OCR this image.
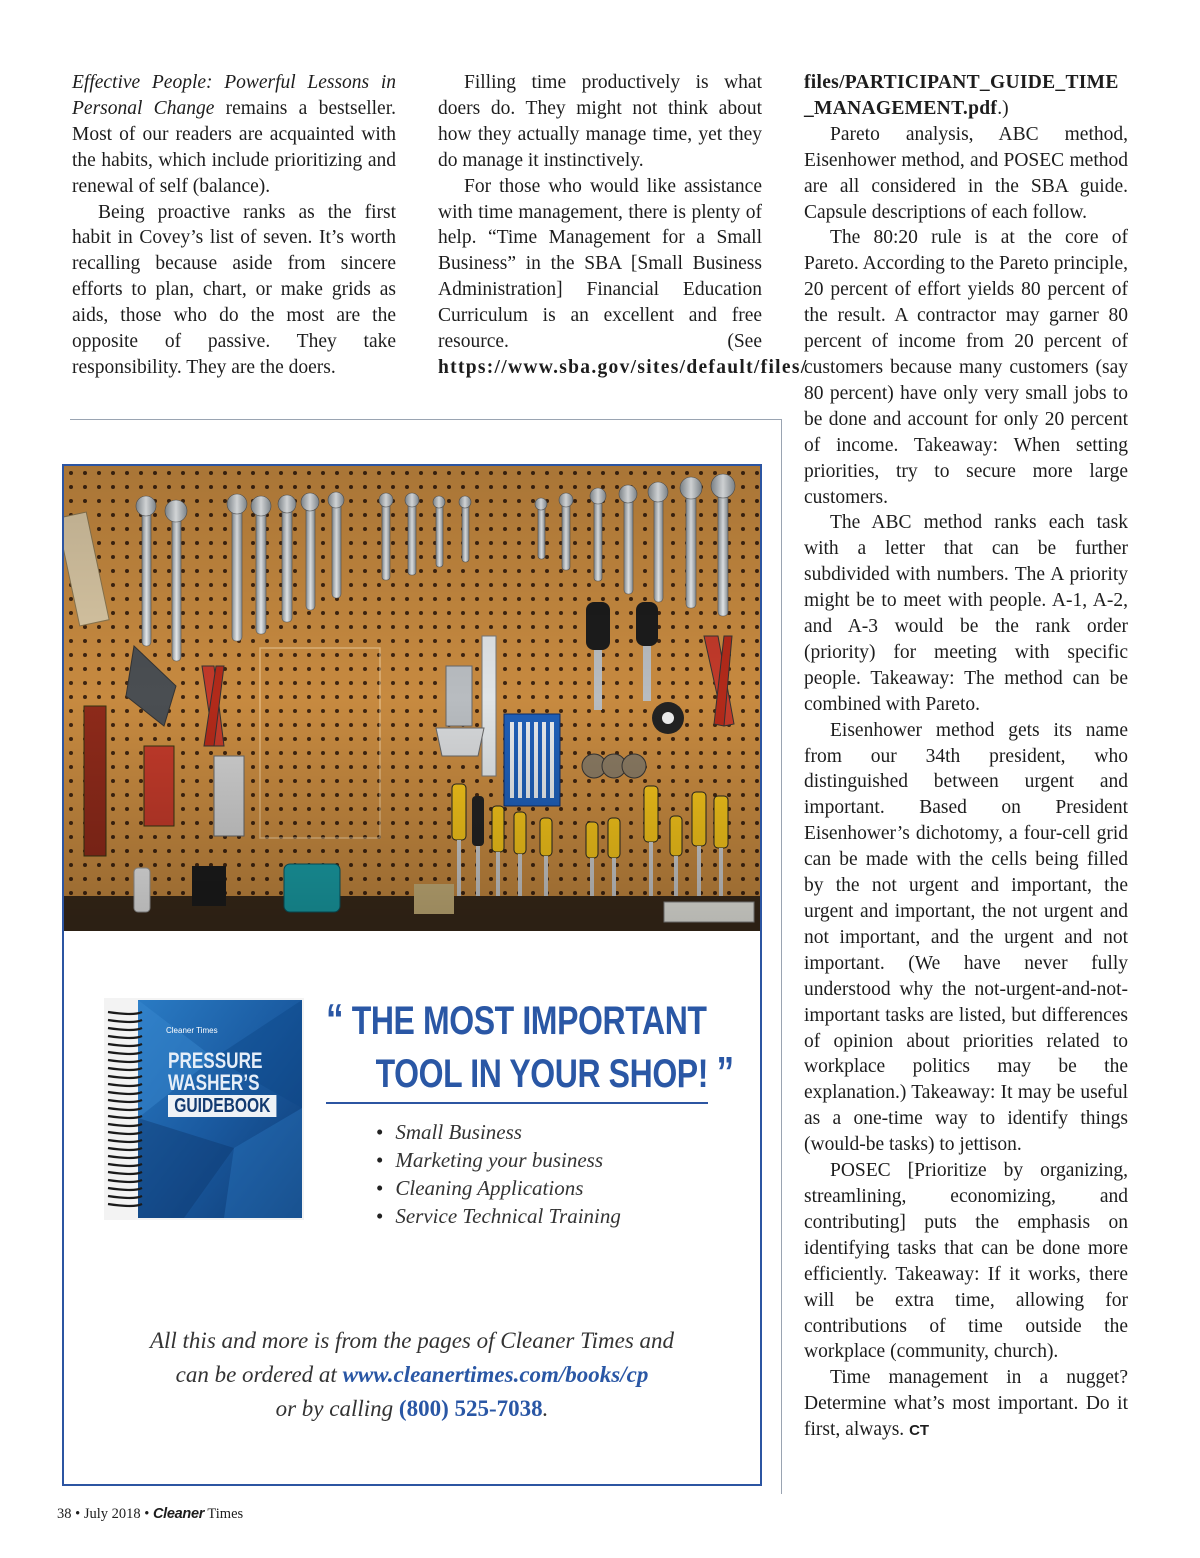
Effective People: Powerful Lessons in Personal Change remains a bestseller. Most of our readers are acquainted with the habits, which include prioritizing and renewal of self (balance).

Being proactive ranks as the first habit in Covey’s list of seven. It’s worth recalling because aside from sincere efforts to plan, chart, or make grids as aids, those who do the most are the opposite of passive. They take responsibility. They are the doers.

Filling time productively is what doers do. They might not think about how they actually manage time, yet they do manage it instinctively.

For those who would like assistance with time management, there is plenty of help. “Time Management for a Small Business” in the SBA [Small Business Administration] Financial Education Curriculum is an excellent and free resource. (See https://www.sba.gov/sites/default/files/

files/PARTICIPANT_GUIDE_TIME_MANAGEMENT.pdf.)

Pareto analysis, ABC method, Eisenhower method, and POSEC method are all considered in the SBA guide. Capsule descriptions of each follow.

The 80:20 rule is at the core of Pareto. According to the Pareto principle, 20 percent of effort yields 80 percent of the result. A contractor may garner 80 percent of income from 20 percent of customers because many customers (say 80 percent) have only very small jobs to be done and account for only 20 percent of income. Takeaway: When setting priorities, try to secure more large customers.

The ABC method ranks each task with a letter that can be further subdivided with numbers. The A priority might be to meet with people. A-1, A-2, and A-3 would be the rank order (priority) for meeting with specific people. Takeaway: The method can be combined with Pareto.

Eisenhower method gets its name from our 34th president, who distinguished between urgent and important. Based on President Eisenhower’s dichotomy, a four-cell grid can be made with the cells being filled by the not urgent and important, the urgent and important, the not urgent and not important, and the urgent and not important. (We have never fully understood why the not-urgent-and-not-important tasks are listed, but differences of opinion about priorities related to workplace politics may be the explanation.) Takeaway: It may be useful as a one-time way to identify things (would-be tasks) to jettison.

POSEC [Prioritize by organizing, streamlining, economizing, and contributing] puts the emphasis on identifying tasks that can be done more efficiently. Takeaway: If it works, there will be extra time, allowing for contributions of time outside the workplace (community, church).

Time management in a nugget? Determine what’s most important. Do it first, always. CT

Cleaner Times
PRESSURE
WASHER’S
GUIDEBOOK
“ THE MOST IMPORTANT
TOOL IN YOUR SHOP! ”
• Small Business
• Marketing your business
• Cleaning Applications
• Service Technical Training
All this and more is from the pages of Cleaner Times and
can be ordered at www.cleanertimes.com/books/cp
or by calling (800) 525-7038.
38 • July 2018 • Cleaner Times
